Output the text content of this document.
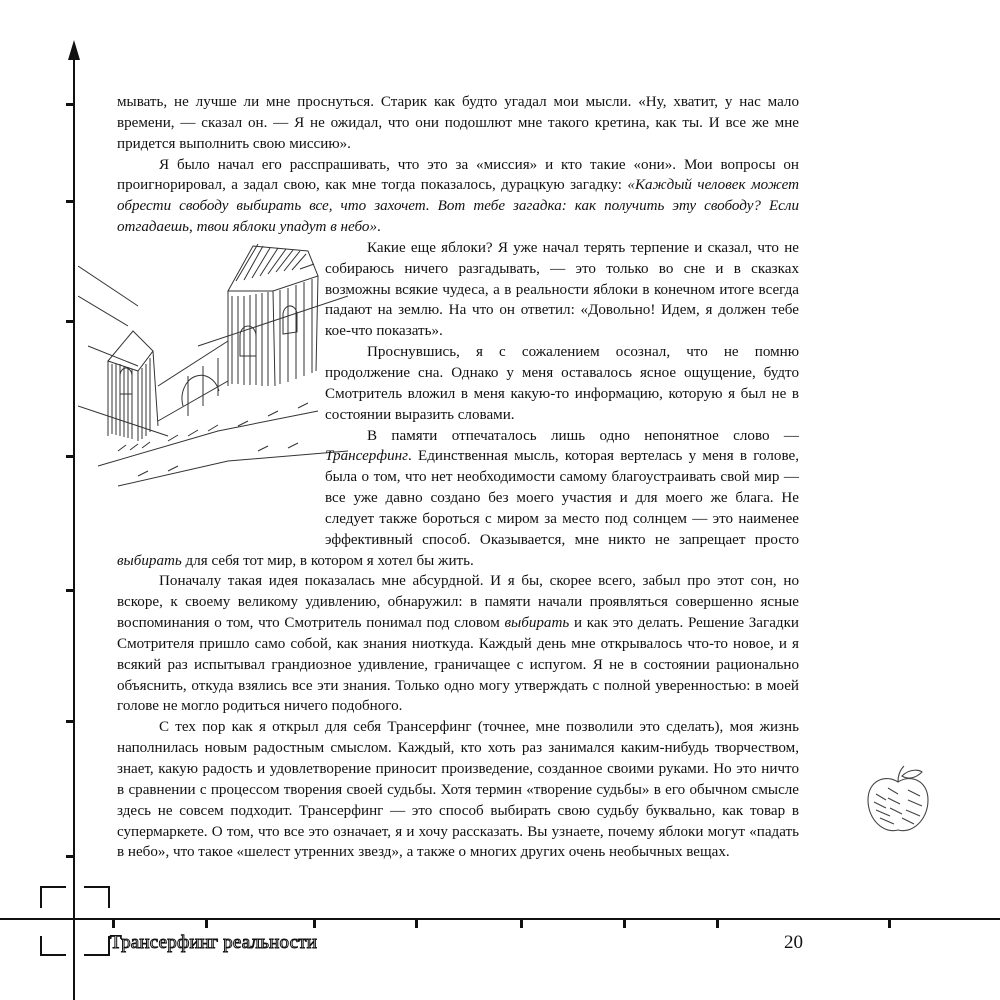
мывать, не лучше ли мне проснуться. Старик как будто угадал мои мысли. «Ну, хватит, у нас мало времени, — сказал он. — Я не ожидал, что они подошлют мне такого кретина, как ты. И все же мне придется выполнить свою миссию».

Я было начал его расспрашивать, что это за «миссия» и кто такие «они». Мои вопросы он проигнорировал, а задал свою, как мне тогда показалось, дурацкую загадку: «Каждый человек может обрести свободу выбирать все, что захочет. Вот тебе загадка: как получить эту свободу? Если отгадаешь, твои яблоки упадут в небо».

Какие еще яблоки? Я уже начал терять терпение и сказал, что не собираюсь ничего разгадывать, — это только во сне и в сказках возможны всякие чудеса, а в реальности яблоки в конечном итоге всегда падают на землю. На что он ответил: «Довольно! Идем, я должен тебе кое-что показать».

Проснувшись, я с сожалением осознал, что не помню продолжение сна. Однако у меня оставалось ясное ощущение, будто Смотритель вложил в меня какую-то информацию, которую я был не в состоянии выразить словами.

В памяти отпечаталось лишь одно непонятное слово — Трансерфинг. Единственная мысль, которая вертелась у меня в голове, была о том, что нет необходимости самому благоустраивать свой мир — все уже давно создано без моего участия и для моего же блага. Не следует также бороться с миром за место под солнцем — это наименее эффективный способ. Оказывается, мне никто не запрещает просто выбирать для себя тот мир, в котором я хотел бы жить.

Поначалу такая идея показалась мне абсурдной. И я бы, скорее всего, забыл про этот сон, но вскоре, к своему великому удивлению, обнаружил: в памяти начали проявляться совершенно ясные воспоминания о том, что Смотритель понимал под словом выбирать и как это делать. Решение Загадки Смотрителя пришло само собой, как знания ниоткуда. Каждый день мне открывалось что-то новое, и я всякий раз испытывал грандиозное удивление, граничащее с испугом. Я не в состоянии рационально объяснить, откуда взялись все эти знания. Только одно могу утверждать с полной уверенностью: в моей голове не могло родиться ничего подобного.

С тех пор как я открыл для себя Трансерфинг (точнее, мне позволили это сделать), моя жизнь наполнилась новым радостным смыслом. Каждый, кто хоть раз занимался каким-нибудь творчеством, знает, какую радость и удовлетворение приносит произведение, созданное своими руками. Но это ничто в сравнении с процессом творения своей судьбы. Хотя термин «творение судьбы» в его обычном смысле здесь не совсем подходит. Трансерфинг — это способ выбирать свою судьбу буквально, как товар в супермаркете. О том, что все это означает, я и хочу рассказать. Вы узнаете, почему яблоки могут «падать в небо», что такое «шелест утренних звезд», а также о многих других очень необычных вещах.

Трансерфинг реальности	20
